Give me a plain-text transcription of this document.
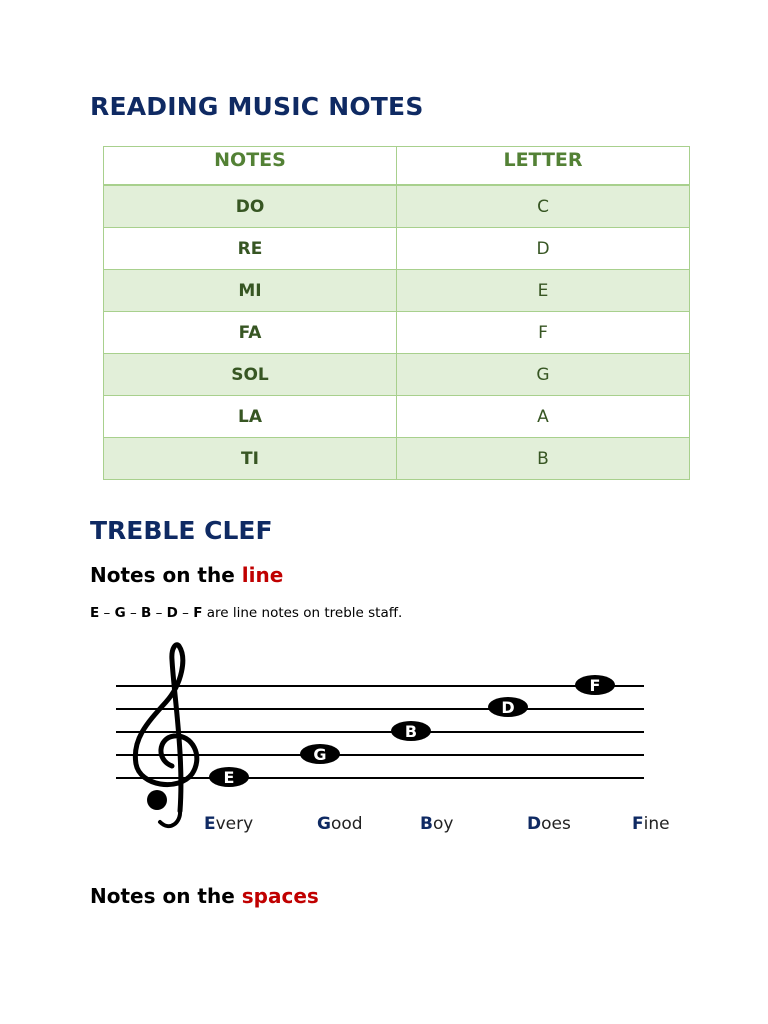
READING MUSIC NOTES
NOTES	LETTER
DO	C
RE	D
MI	E
FA	F
SOL	G
LA	A
TI	B
TREBLE CLEF
Notes on the line

E – G – B – D – F are line notes on treble staff.

E
G
B
D
F

Every	Good	Boy	Does	Fine

Notes on the spaces
